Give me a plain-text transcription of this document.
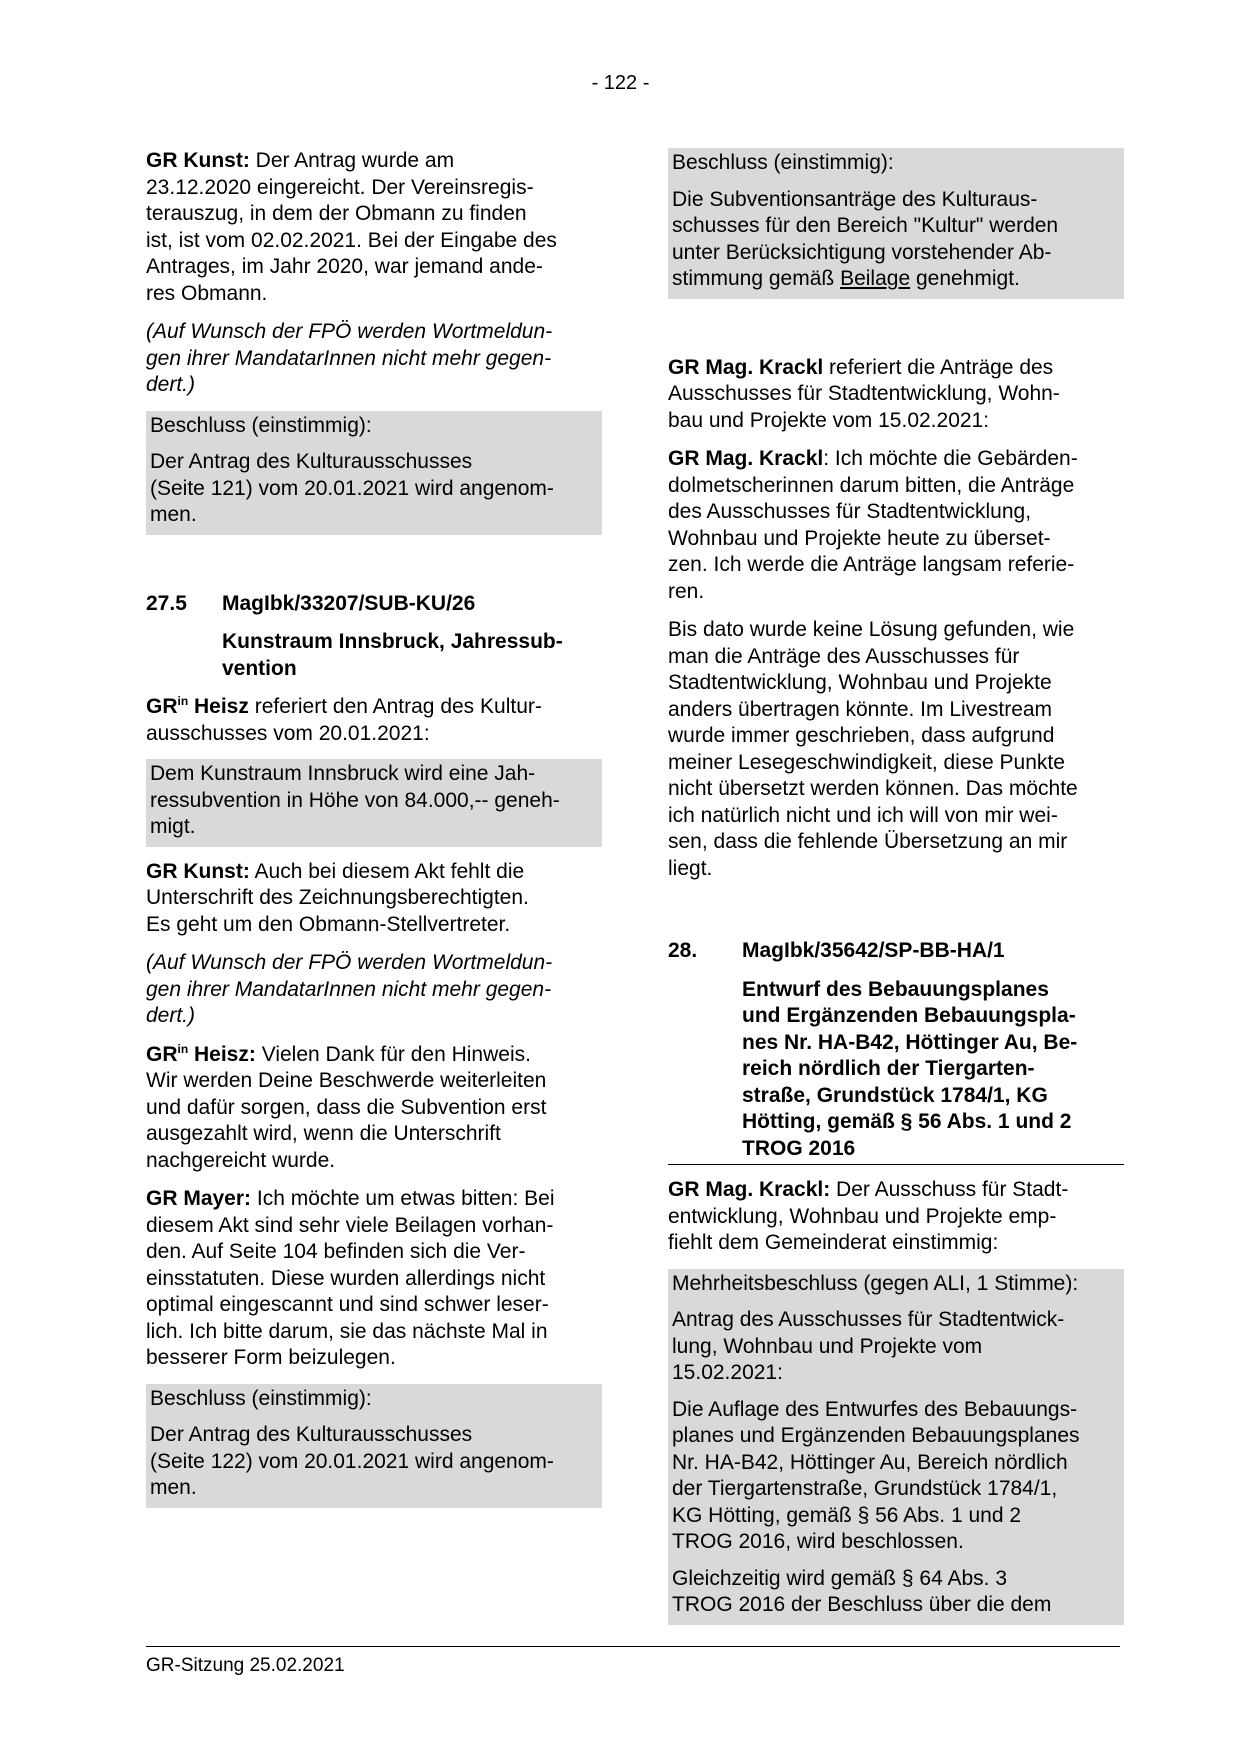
- 122 -

GR Kunst: Der Antrag wurde am
23.12.2020 eingereicht. Der Vereinsregis-
terauszug, in dem der Obmann zu finden
ist, ist vom 02.02.2021. Bei der Eingabe des
Antrages, im Jahr 2020, war jemand ande-
res Obmann.

(Auf Wunsch der FPÖ werden Wortmeldun-
gen ihrer MandatarInnen nicht mehr gegen-
dert.)

Beschluss (einstimmig):

Der Antrag des Kulturausschusses
(Seite 121) vom 20.01.2021 wird angenom-
men.

27.5	MagIbk/33207/SUB-KU/26
Kunstraum Innsbruck, Jahressub-
vention

$GR^{in}$ Heisz referiert den Antrag des Kultur-
ausschusses vom 20.01.2021:

Dem Kunstraum Innsbruck wird eine Jah-
ressubvention in Höhe von 84.000,-- geneh-
migt.

GR Kunst: Auch bei diesem Akt fehlt die
Unterschrift des Zeichnungsberechtigten.
Es geht um den Obmann-Stellvertreter.

(Auf Wunsch der FPÖ werden Wortmeldun-
gen ihrer MandatarInnen nicht mehr gegen-
dert.)

$GR^{in}$ Heisz: Vielen Dank für den Hinweis.
Wir werden Deine Beschwerde weiterleiten
und dafür sorgen, dass die Subvention erst
ausgezahlt wird, wenn die Unterschrift
nachgereicht wurde.

GR Mayer: Ich möchte um etwas bitten: Bei
diesem Akt sind sehr viele Beilagen vorhan-
den. Auf Seite 104 befinden sich die Ver-
einsstatuten. Diese wurden allerdings nicht
optimal eingescannt und sind schwer leser-
lich. Ich bitte darum, sie das nächste Mal in
besserer Form beizulegen.

Beschluss (einstimmig):

Der Antrag des Kulturausschusses
(Seite 122) vom 20.01.2021 wird angenom-
men.

Beschluss (einstimmig):

Die Subventionsanträge des Kulturaus-
schusses für den Bereich "Kultur" werden
unter Berücksichtigung vorstehender Ab-
stimmung gemäß Beilage genehmigt.

GR Mag. Krackl referiert die Anträge des
Ausschusses für Stadtentwicklung, Wohn-
bau und Projekte vom 15.02.2021:

GR Mag. Krackl: Ich möchte die Gebärden-
dolmetscherinnen darum bitten, die Anträge
des Ausschusses für Stadtentwicklung,
Wohnbau und Projekte heute zu überset-
zen. Ich werde die Anträge langsam referie-
ren.

Bis dato wurde keine Lösung gefunden, wie
man die Anträge des Ausschusses für
Stadtentwicklung, Wohnbau und Projekte
anders übertragen könnte. Im Livestream
wurde immer geschrieben, dass aufgrund
meiner Lesegeschwindigkeit, diese Punkte
nicht übersetzt werden können. Das möchte
ich natürlich nicht und ich will von mir wei-
sen, dass die fehlende Übersetzung an mir
liegt.

28.	MagIbk/35642/SP-BB-HA/1
Entwurf des Bebauungsplanes
und Ergänzenden Bebauungspla-
nes Nr. HA-B42, Höttinger Au, Be-
reich nördlich der Tiergarten-
straße, Grundstück 1784/1, KG
Hötting, gemäß § 56 Abs. 1 und 2
TROG 2016

GR Mag. Krackl: Der Ausschuss für Stadt-
entwicklung, Wohnbau und Projekte emp-
fiehlt dem Gemeinderat einstimmig:

Mehrheitsbeschluss (gegen ALI, 1 Stimme):

Antrag des Ausschusses für Stadtentwick-
lung, Wohnbau und Projekte vom
15.02.2021:

Die Auflage des Entwurfes des Bebauungs-
planes und Ergänzenden Bebauungsplanes
Nr. HA-B42, Höttinger Au, Bereich nördlich
der Tiergartenstraße, Grundstück 1784/1,
KG Hötting, gemäß § 56 Abs. 1 und 2
TROG 2016, wird beschlossen.

Gleichzeitig wird gemäß § 64 Abs. 3
TROG 2016 der Beschluss über die dem

GR-Sitzung 25.02.2021
